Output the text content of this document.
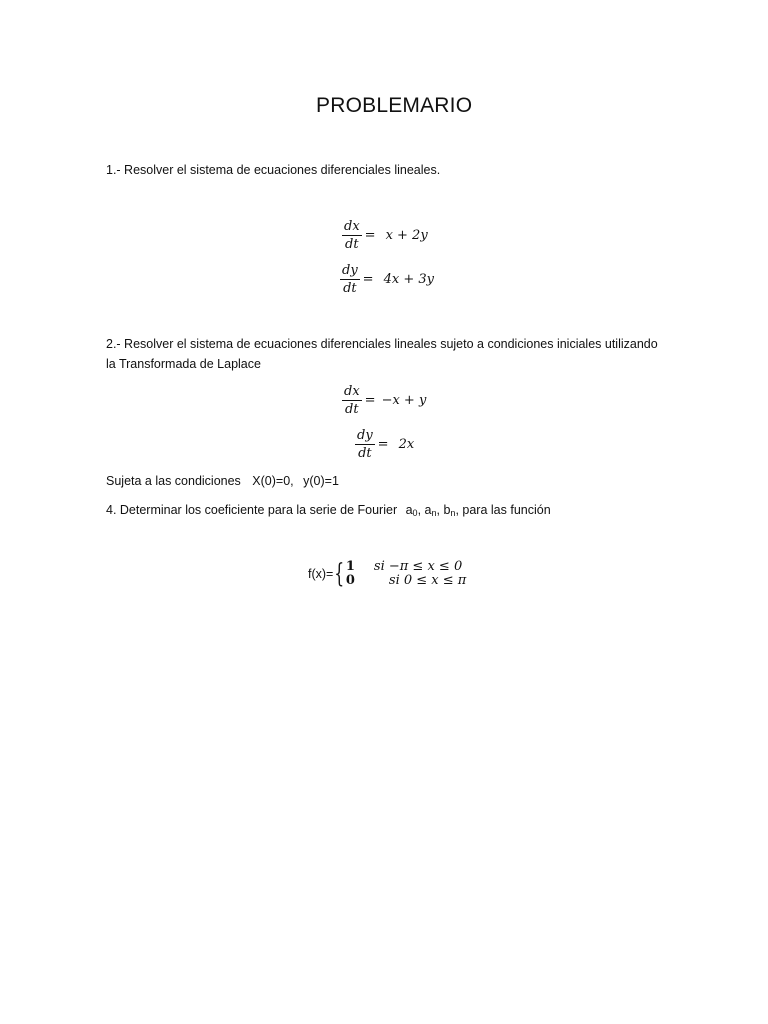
PROBLEMARIO
1.- Resolver el sistema de ecuaciones diferenciales lineales.
$\frac{dx}{dt} = x + 2y$
$\frac{dy}{dt} = 4x + 3y$
2.- Resolver el sistema de ecuaciones diferenciales lineales sujeto a condiciones iniciales utilizando
la Transformada de Laplace
$\frac{dx}{dt} = -x + y$
$\frac{dy}{dt} = 2x$
Sujeta a las condiciones X(0)=0, y(0)=1
4. Determinar los coeficiente para la serie de Fourier $a_0$, $a_n$, $b_n$, para las función
f(x)= { 1	si −π ≤ x ≤ 0
0	si 0 ≤ x ≤ π
